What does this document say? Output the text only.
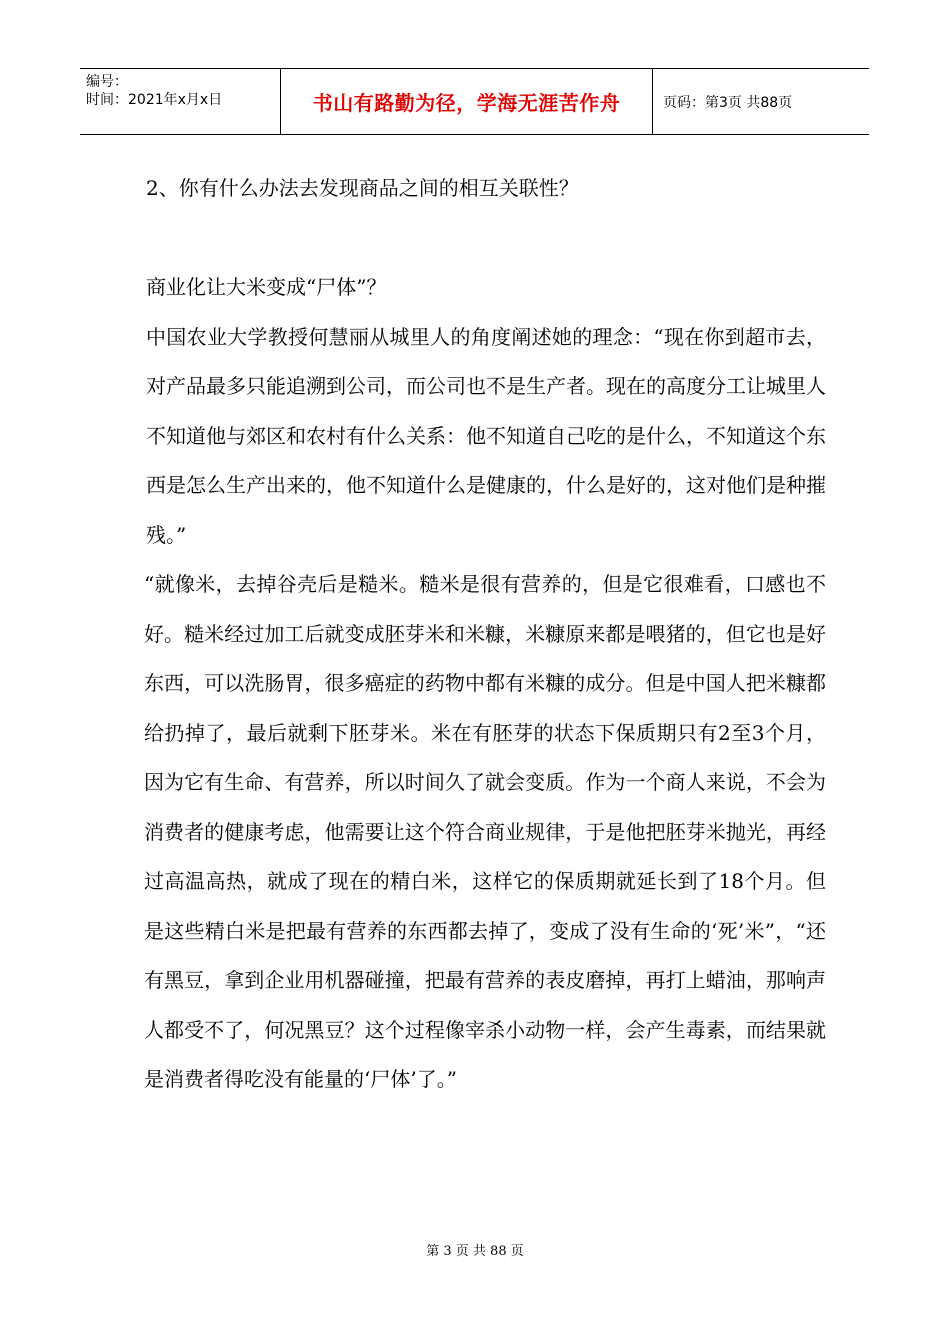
编号：
时间：2021年x月x日	书山有路勤为径，学海无涯苦作舟	页码：第3页 共88页

2、你有什么办法去发现商品之间的相互关联性？

商业化让大米变成“尸体”？

中国农业大学教授何慧丽从城里人的角度阐述她的理念：“现在你到超市去，对产品最多只能追溯到公司，而公司也不是生产者。现在的高度分工让城里人不知道他与郊区和农村有什么关系：他不知道自己吃的是什么，不知道这个东西是怎么生产出来的，他不知道什么是健康的，什么是好的，这对他们是种摧残。”

“就像米，去掉谷壳后是糙米。糙米是很有营养的，但是它很难看，口感也不好。糙米经过加工后就变成胚芽米和米糠，米糠原来都是喂猪的，但它也是好东西，可以洗肠胃，很多癌症的药物中都有米糠的成分。但是中国人把米糠都给扔掉了，最后就剩下胚芽米。米在有胚芽的状态下保质期只有2至3个月，因为它有生命、有营养，所以时间久了就会变质。作为一个商人来说，不会为消费者的健康考虑，他需要让这个符合商业规律，于是他把胚芽米抛光，再经过高温高热，就成了现在的精白米，这样它的保质期就延长到了18个月。但是这些精白米是把最有营养的东西都去掉了，变成了没有生命的‘死’米”，“还有黑豆，拿到企业用机器碰撞，把最有营养的表皮磨掉，再打上蜡油，那响声人都受不了，何况黑豆？这个过程像宰杀小动物一样，会产生毒素，而结果就是消费者得吃没有能量的‘尸体’了。”

第 3 页 共 88 页
